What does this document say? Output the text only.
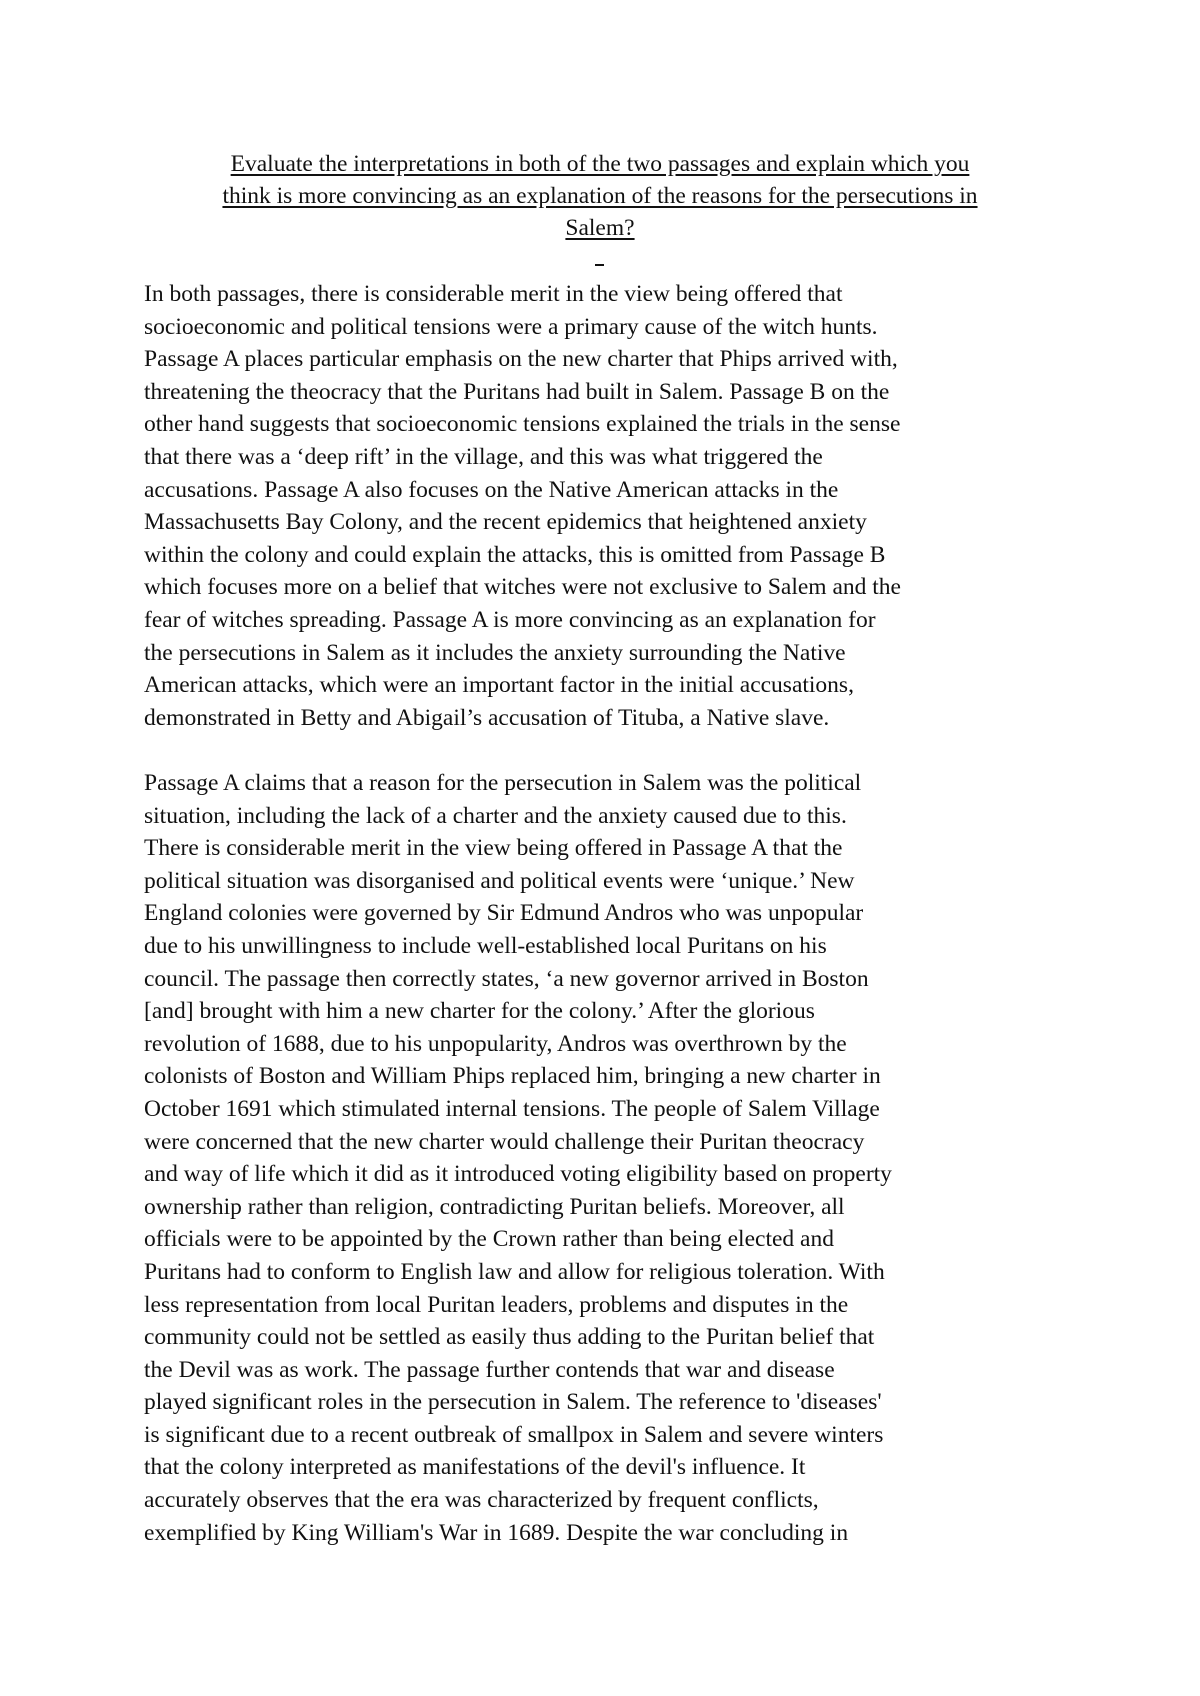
Evaluate the interpretations in both of the two passages and explain which you
think is more convincing as an explanation of the reasons for the persecutions in
Salem?

In both passages, there is considerable merit in the view being offered that
socioeconomic and political tensions were a primary cause of the witch hunts.
Passage A places particular emphasis on the new charter that Phips arrived with,
threatening the theocracy that the Puritans had built in Salem. Passage B on the
other hand suggests that socioeconomic tensions explained the trials in the sense
that there was a ‘deep rift’ in the village, and this was what triggered the
accusations. Passage A also focuses on the Native American attacks in the
Massachusetts Bay Colony, and the recent epidemics that heightened anxiety
within the colony and could explain the attacks, this is omitted from Passage B
which focuses more on a belief that witches were not exclusive to Salem and the
fear of witches spreading. Passage A is more convincing as an explanation for
the persecutions in Salem as it includes the anxiety surrounding the Native
American attacks, which were an important factor in the initial accusations,
demonstrated in Betty and Abigail’s accusation of Tituba, a Native slave.

Passage A claims that a reason for the persecution in Salem was the political
situation, including the lack of a charter and the anxiety caused due to this.
There is considerable merit in the view being offered in Passage A that the
political situation was disorganised and political events were ‘unique.’ New
England colonies were governed by Sir Edmund Andros who was unpopular
due to his unwillingness to include well-established local Puritans on his
council. The passage then correctly states, ‘a new governor arrived in Boston
[and] brought with him a new charter for the colony.’ After the glorious
revolution of 1688, due to his unpopularity, Andros was overthrown by the
colonists of Boston and William Phips replaced him, bringing a new charter in
October 1691 which stimulated internal tensions. The people of Salem Village
were concerned that the new charter would challenge their Puritan theocracy
and way of life which it did as it introduced voting eligibility based on property
ownership rather than religion, contradicting Puritan beliefs. Moreover, all
officials were to be appointed by the Crown rather than being elected and
Puritans had to conform to English law and allow for religious toleration. With
less representation from local Puritan leaders, problems and disputes in the
community could not be settled as easily thus adding to the Puritan belief that
the Devil was as work. The passage further contends that war and disease
played significant roles in the persecution in Salem. The reference to 'diseases'
is significant due to a recent outbreak of smallpox in Salem and severe winters
that the colony interpreted as manifestations of the devil's influence. It
accurately observes that the era was characterized by frequent conflicts,
exemplified by King William's War in 1689. Despite the war concluding in
